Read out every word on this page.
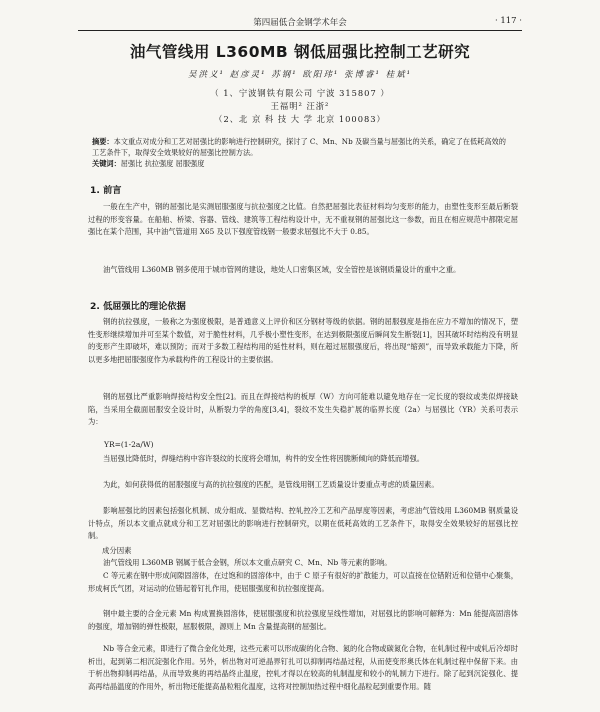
第四届低合金钢学术年会	· 117 ·
油气管线用 L360MB 钢低屈强比控制工艺研究
吴洪义¹ 赵彦灵¹ 苏钢¹ 欧阳玮¹ 张博睿¹ 桂斌¹
（ 1、宁波钢铁有限公司 宁波 315807 ）
王福明² 汪浙²
（2、北 京 科 技 大 学 北京 100083）
摘要：本文重点对成分和工艺对屈强比的影响进行控制研究，探讨了 C、Mn、Nb 及碳当量与屈强比的关系，确定了在低耗高效的工艺条件下，取得安全效果较好的屈强比控制方法。
关键词：屈强比 抗拉强度 屈服强度
1. 前言
一般在生产中，钢的屈强比是实测屈服强度与抗拉强度之比值。自然把屈强比表征材料均匀变形的能力，由塑性变形至最后断裂过程的形变容量。在船舶、桥梁、容器、管线、建筑等工程结构设计中，无不重视钢的屈强比这一参数，而且在相应规范中都限定屈强比在某个范围，其中油气管道用 X65 及以下强度管线钢一般要求屈强比不大于 0.85。
油气管线用 L360MB 钢多使用于城市管网的建设，地处人口密集区域，安全管控是该钢质量设计的重中之重。
2. 低屈强比的理论依据
钢的抗拉强度，一般称之为强度极限，是普通意义上评价和区分钢材等级的依据。钢的屈服强度是指在应力不增加的情况下，塑性变形继续增加并可至某个数值，对于脆性材料，几乎极小塑性变形，在达到极限强度后瞬间发生断裂[1]，因其破坏时结构没有明显的变形产生即破坏，难以预防；而对于多数工程结构用的延性材料，则在超过屈服强度后，将出现“缩颈”，而导致承载能力下降，所以更多地把屈服强度作为承载构件的工程设计的主要依据。
钢的屈强比严重影响焊接结构安全性[2]。而且在焊接结构的板厚（W）方向可能难以避免地存在一定长度的裂纹或类似焊接缺陷，当采用全截面屈服安全设计时，从断裂力学的角度[3,4]，裂纹不发生失稳扩展的临界长度（2a）与屈强比（YR）关系可表示为：
YR=(1-2a/W)
当屈强比降低时，焊缝结构中容许裂纹的长度将会增加，构件的安全性将因脆断倾向的降低而增强。
为此，如何获得低的屈服强度与高的抗拉强度的匹配，是管线用钢工艺质量设计要重点考虑的质量因素。
影响屈强比的因素包括强化机制、成分组成、显微结构、控轧控冷工艺和产品厚度等因素，考虑油气管线用 L360MB 钢质量设计特点，所以本文重点就成分和工艺对屈强比的影响进行控制研究，以期在低耗高效的工艺条件下，取得安全效果较好的屈强比控制。
成分因素
油气管线用 L360MB 钢属于低合金钢，所以本文重点研究 C、Mn、Nb 等元素的影响。
C 等元素在钢中形成间隙固溶体，在过饱和的固溶体中，由于 C 原子有很好的扩散能力，可以直接在位错附近和位错中心聚集，形成柯氏气团，对运动的位错起着钉扎作用，使屈服强度和抗拉强度提高。
钢中最主要的合金元素 Mn 构成置换固溶体，使屈服强度和抗拉强度呈线性增加，对屈强比的影响可解释为：Mn 能提高固溶体的强度，增加钢的弹性极限，屈服极限，源则上 Mn 含量提高钢的屈强比。
Nb 等合金元素，即进行了微合金化处理，这些元素可以形成碳的化合物、氮的化合物或碳氮化合物，在轧制过程中或轧后冷却时析出，起到第二相沉淀强化作用。另外，析出物对可逆晶界钉扎可以抑制再结晶过程，从而使变形奥氏体在轧制过程中保留下来。由于析出物抑制再结晶，从而导致奥的再结晶终止温度，控轧才得以在较高的轧制温度和较小的轧制力下进行。除了起到沉淀强化、提高再结晶温度的作用外，析出物还能提高晶粒粗化温度，这将对控制加热过程中细化晶粒起到重要作用。随
